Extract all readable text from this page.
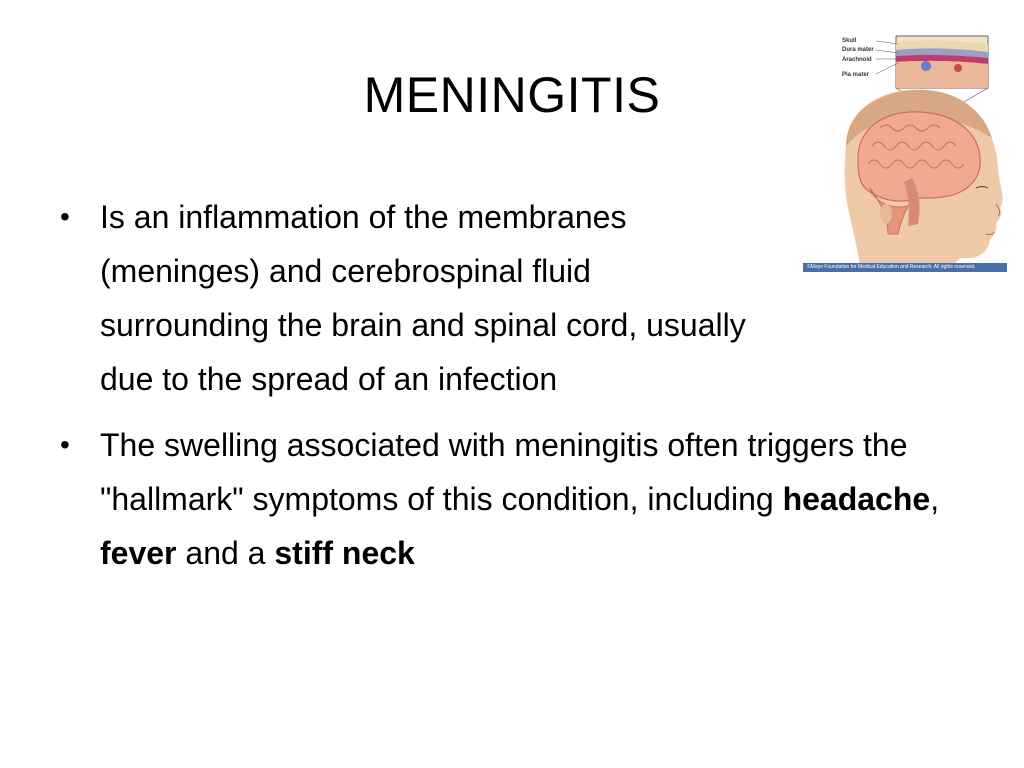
MENINGITIS
Skull
Dura mater
Arachnoid
Pia mater
©Mayo Foundation for Medical Education and Research. All rights reserved.
• Is an inflammation of the membranes
(meninges) and cerebrospinal fluid
surrounding the brain and spinal cord, usually
due to the spread of an infection
• The swelling associated with meningitis often triggers the "hallmark" symptoms of this condition, including headache, fever and a stiff neck
